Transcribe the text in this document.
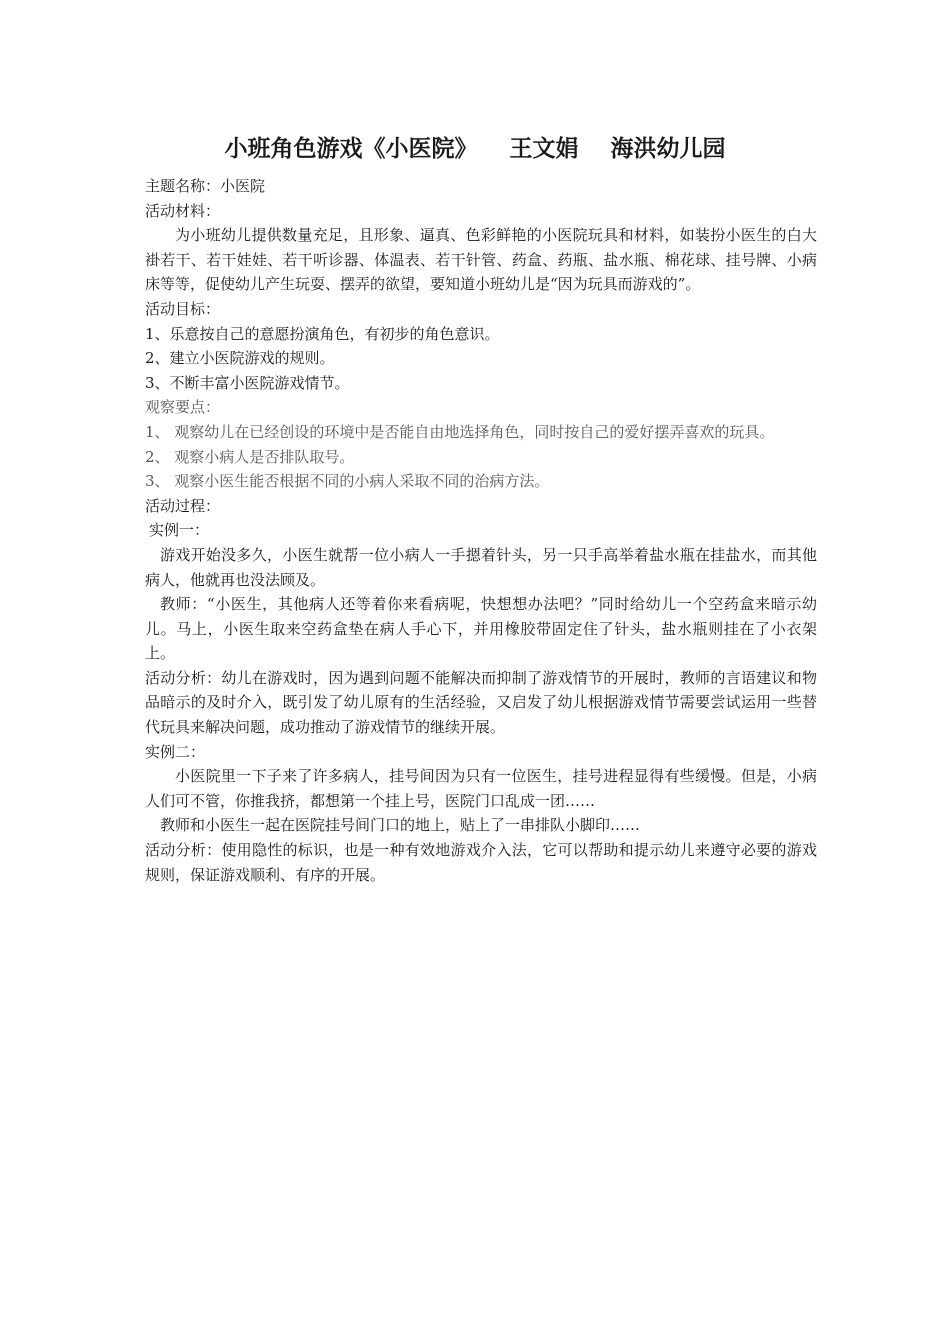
小班角色游戏《小医院》    王文娟    海洪幼儿园

主题名称：小医院

活动材料：

为小班幼儿提供数量充足，且形象、逼真、色彩鲜艳的小医院玩具和材料，如装扮小医生的白大褂若干、若干娃娃、若干听诊器、体温表、若干针管、药盒、药瓶、盐水瓶、棉花球、挂号牌、小病床等等，促使幼儿产生玩耍、摆弄的欲望，要知道小班幼儿是“因为玩具而游戏的”。

活动目标：

1、乐意按自己的意愿扮演角色，有初步的角色意识。

2、建立小医院游戏的规则。

3、不断丰富小医院游戏情节。

观察要点：

1、 观察幼儿在已经创设的环境中是否能自由地选择角色，同时按自己的爱好摆弄喜欢的玩具。

2、 观察小病人是否排队取号。

3、 观察小医生能否根据不同的小病人采取不同的治病方法。

活动过程：

实例一：

游戏开始没多久，小医生就帮一位小病人一手摁着针头，另一只手高举着盐水瓶在挂盐水，而其他病人，他就再也没法顾及。

教师：“小医生，其他病人还等着你来看病呢，快想想办法吧？”同时给幼儿一个空药盒来暗示幼儿。马上，小医生取来空药盒垫在病人手心下，并用橡胶带固定住了针头，盐水瓶则挂在了小衣架上。

活动分析：幼儿在游戏时，因为遇到问题不能解决而抑制了游戏情节的开展时，教师的言语建议和物品暗示的及时介入，既引发了幼儿原有的生活经验，又启发了幼儿根据游戏情节需要尝试运用一些替代玩具来解决问题，成功推动了游戏情节的继续开展。

实例二：

小医院里一下子来了许多病人，挂号间因为只有一位医生，挂号进程显得有些缓慢。但是，小病人们可不管，你推我挤，都想第一个挂上号，医院门口乱成一团……

教师和小医生一起在医院挂号间门口的地上，贴上了一串排队小脚印……

活动分析：使用隐性的标识，也是一种有效地游戏介入法，它可以帮助和提示幼儿来遵守必要的游戏规则，保证游戏顺利、有序的开展。
